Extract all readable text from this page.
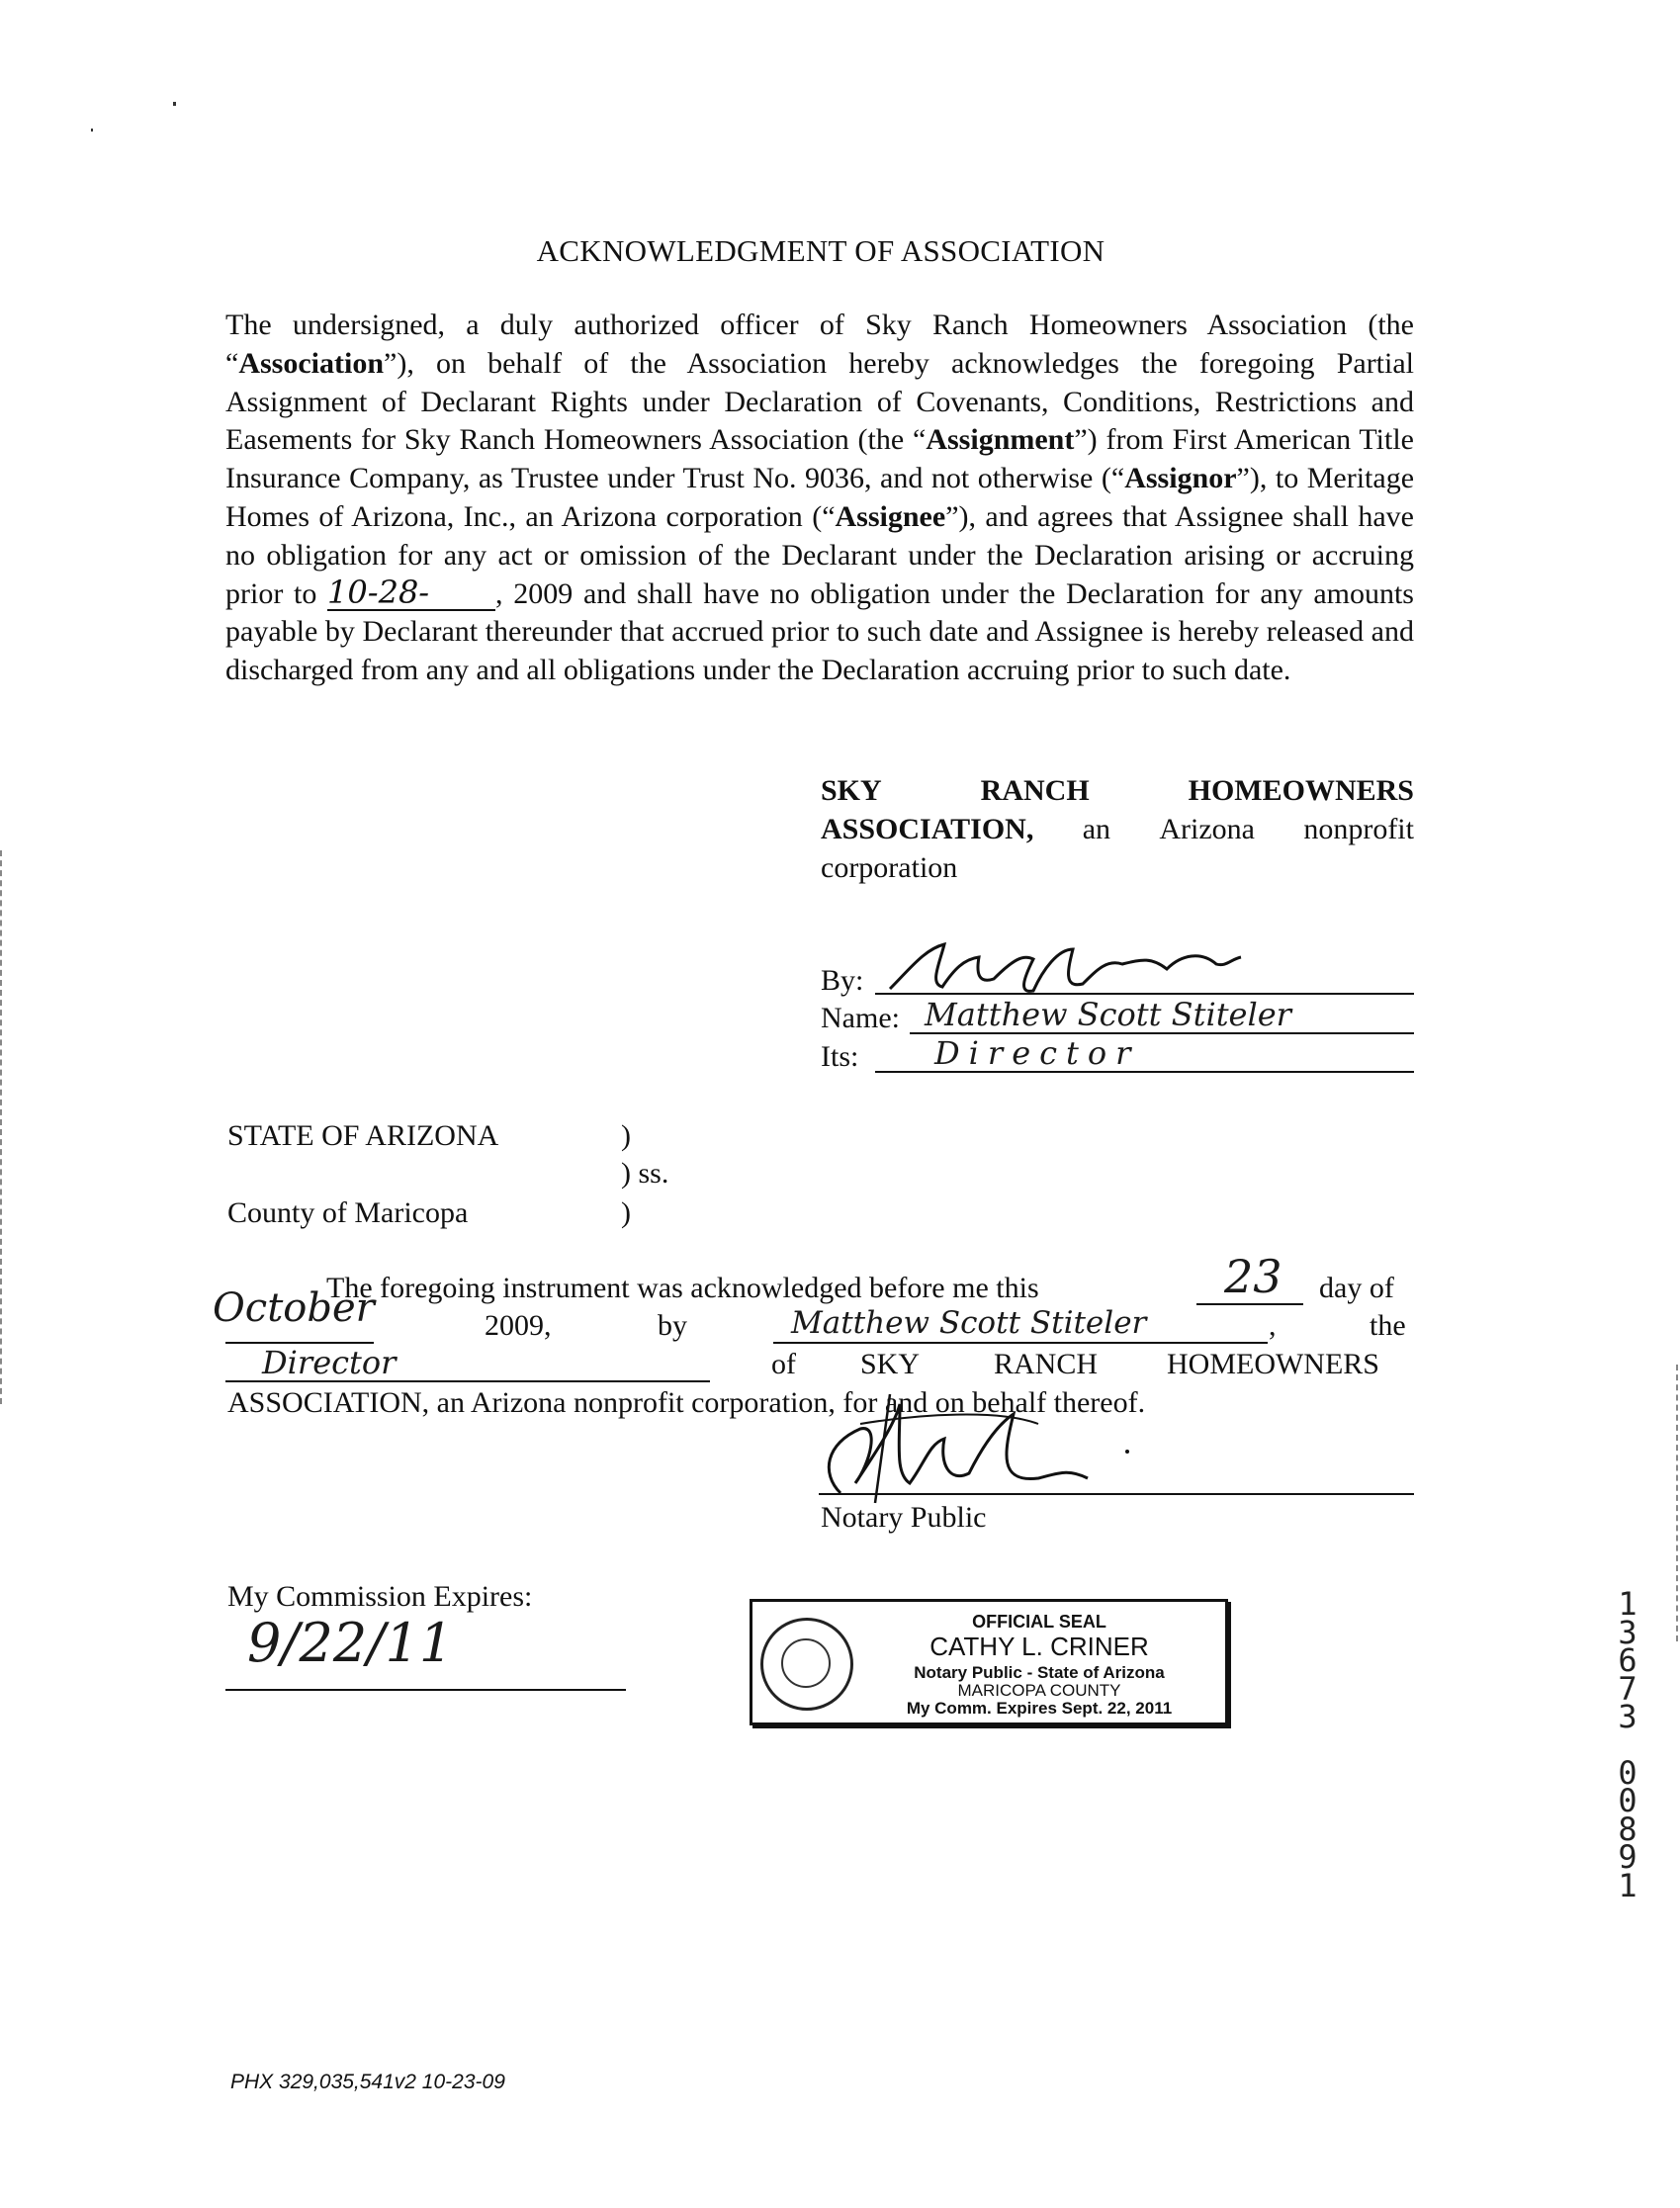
ACKNOWLEDGMENT OF ASSOCIATION
The undersigned, a duly authorized officer of Sky Ranch Homeowners Association (the “Association”), on behalf of the Association hereby acknowledges the foregoing Partial Assignment of Declarant Rights under Declaration of Covenants, Conditions, Restrictions and Easements for Sky Ranch Homeowners Association (the “Assignment”) from First American Title Insurance Company, as Trustee under Trust No. 9036, and not otherwise (“Assignor”), to Meritage Homes of Arizona, Inc., an Arizona corporation (“Assignee”), and agrees that Assignee shall have no obligation for any act or omission of the Declarant under the Declaration arising or accruing prior to 10-28- , 2009 and shall have no obligation under the Declaration for any amounts payable by Declarant thereunder that accrued prior to such date and Assignee is hereby released and discharged from any and all obligations under the Declaration accruing prior to such date.
SKY	RANCH	HOMEOWNERS
ASSOCIATION, an Arizona nonprofit
corporation
By:
Name: Matthew Scott Stiteler
Its: Director
STATE OF ARIZONA	)
) ss.
County of Maricopa	)
The foregoing instrument was acknowledged before me this	23 day of
October	2009,	by	Matthew Scott Stiteler	,	the
Director	of SKY RANCH HOMEOWNERS
ASSOCIATION, an Arizona nonprofit corporation, for and on behalf thereof.
Notary Public
My Commission Expires:
9/22/11	OFFICIAL SEAL
CATHY L. CRINER
Notary Public - State of Arizona
MARICOPA COUNTY
My Comm. Expires Sept. 22, 2011
PHX 329,035,541v2 10-23-09
1
3
6
7
3
0
0
8
9
1
